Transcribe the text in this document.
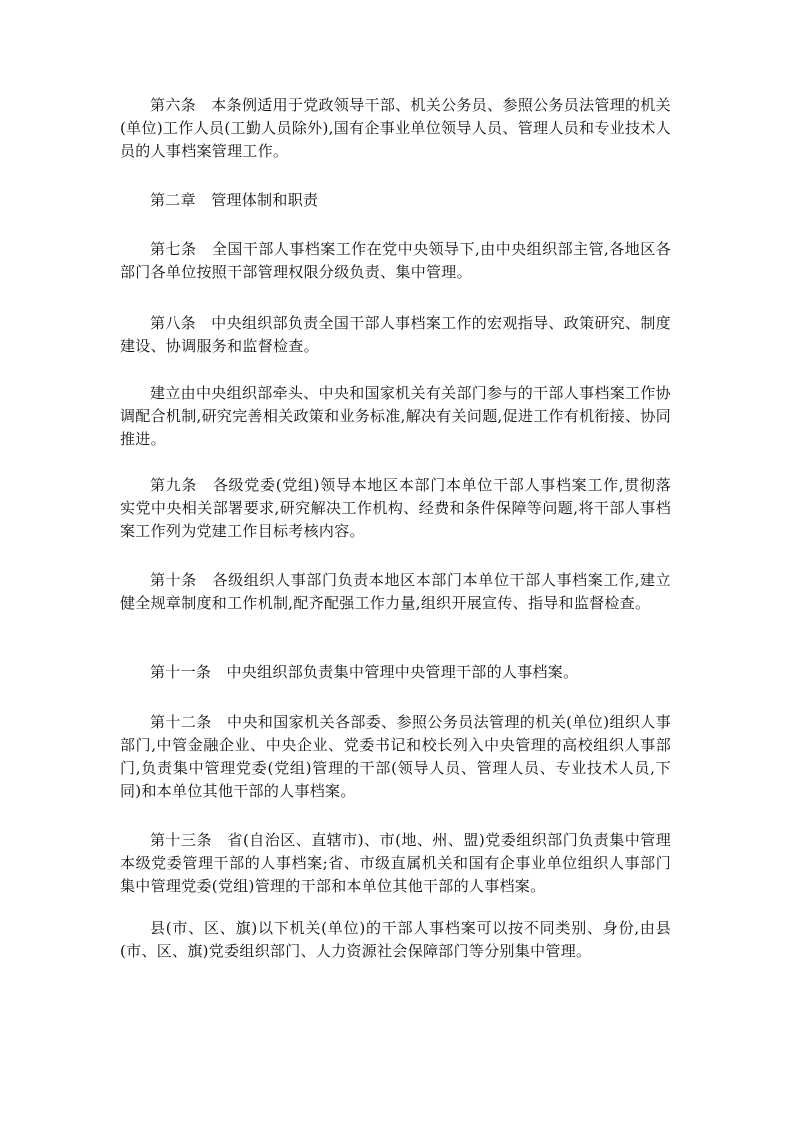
第六条　本条例适用于党政领导干部、机关公务员、参照公务员法管理的机关(单位)工作人员(工勤人员除外),国有企事业单位领导人员、管理人员和专业技术人员的人事档案管理工作。

第二章　管理体制和职责

第七条　全国干部人事档案工作在党中央领导下,由中央组织部主管,各地区各部门各单位按照干部管理权限分级负责、集中管理。

第八条　中央组织部负责全国干部人事档案工作的宏观指导、政策研究、制度建设、协调服务和监督检查。

建立由中央组织部牵头、中央和国家机关有关部门参与的干部人事档案工作协调配合机制,研究完善相关政策和业务标准,解决有关问题,促进工作有机衔接、协同推进。

第九条　各级党委(党组)领导本地区本部门本单位干部人事档案工作,贯彻落实党中央相关部署要求,研究解决工作机构、经费和条件保障等问题,将干部人事档案工作列为党建工作目标考核内容。

第十条　各级组织人事部门负责本地区本部门本单位干部人事档案工作,建立健全规章制度和工作机制,配齐配强工作力量,组织开展宣传、指导和监督检查。

第十一条　中央组织部负责集中管理中央管理干部的人事档案。

第十二条　中央和国家机关各部委、参照公务员法管理的机关(单位)组织人事部门,中管金融企业、中央企业、党委书记和校长列入中央管理的高校组织人事部门,负责集中管理党委(党组)管理的干部(领导人员、管理人员、专业技术人员,下同)和本单位其他干部的人事档案。

第十三条　省(自治区、直辖市)、市(地、州、盟)党委组织部门负责集中管理本级党委管理干部的人事档案;省、市级直属机关和国有企事业单位组织人事部门集中管理党委(党组)管理的干部和本单位其他干部的人事档案。

县(市、区、旗)以下机关(单位)的干部人事档案可以按不同类别、身份,由县(市、区、旗)党委组织部门、人力资源社会保障部门等分别集中管理。
